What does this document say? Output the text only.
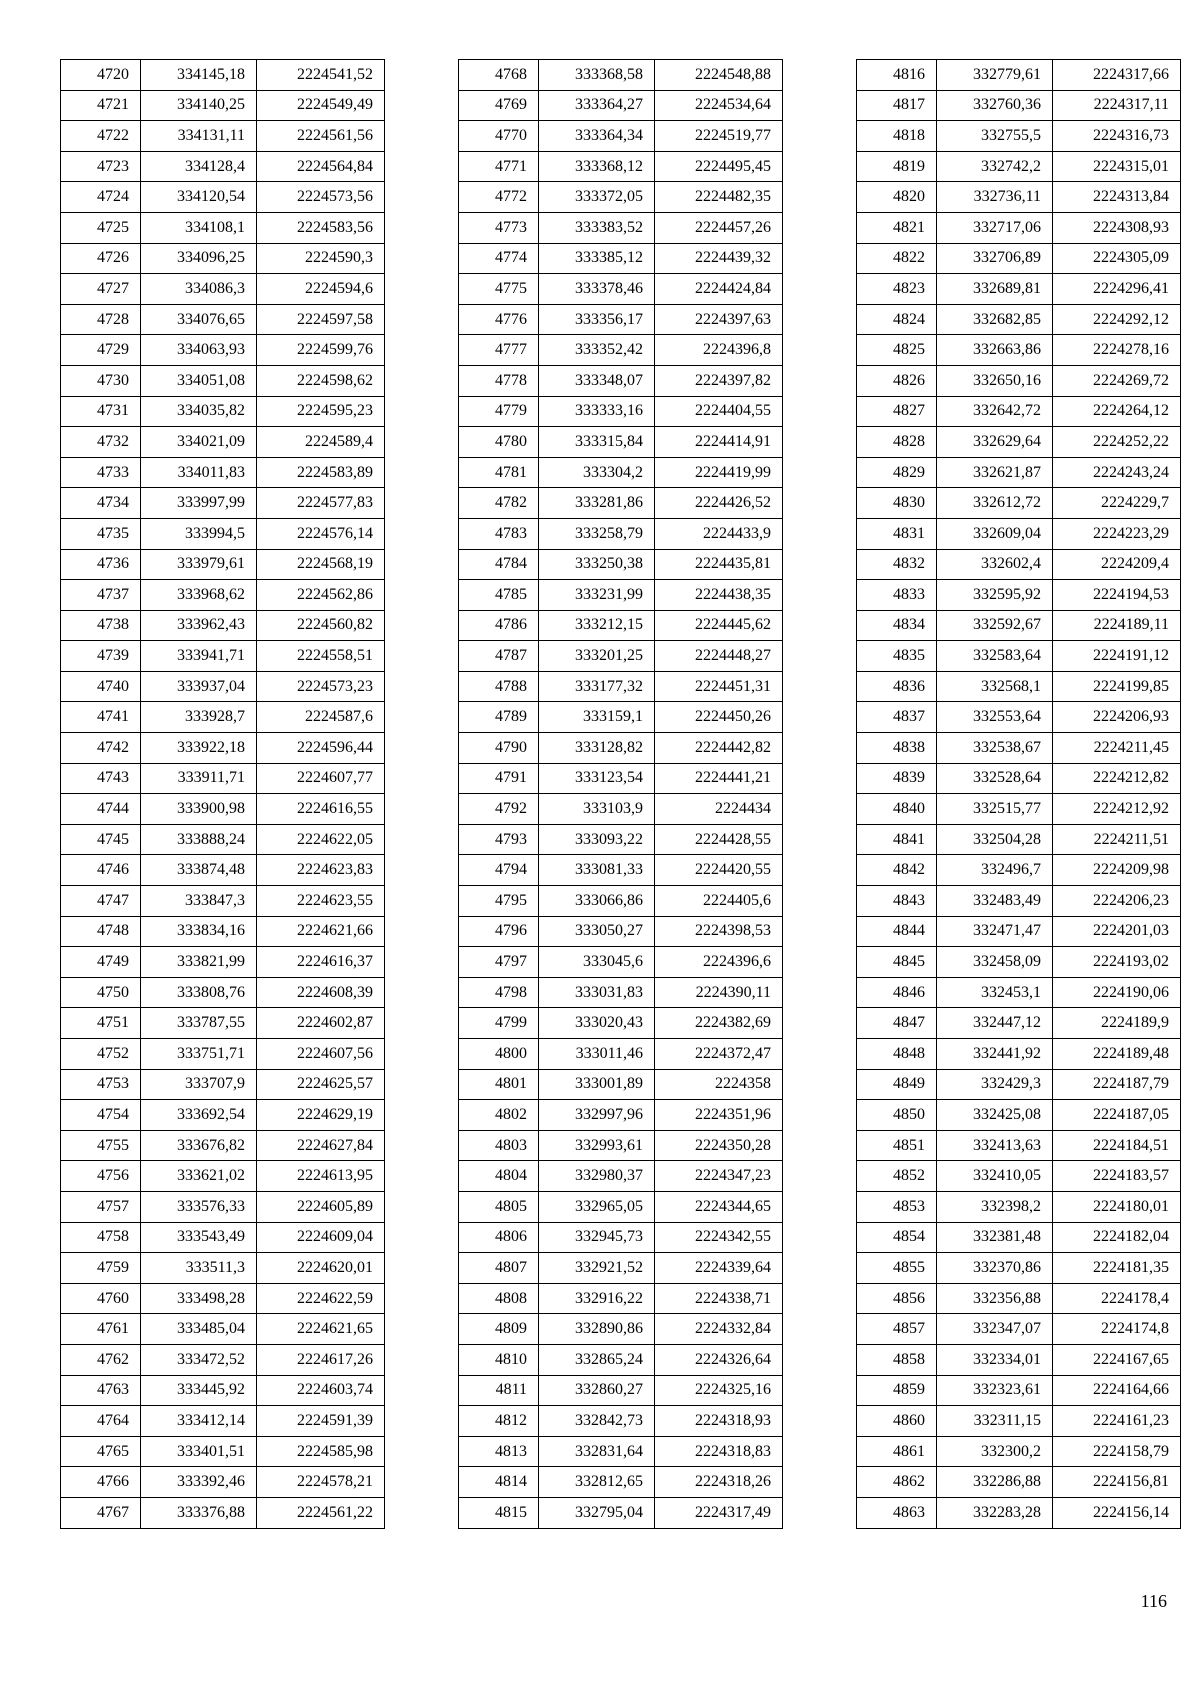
4720	334145,18	2224541,52
4721	334140,25	2224549,49
4722	334131,11	2224561,56
4723	334128,4	2224564,84
4724	334120,54	2224573,56
4725	334108,1	2224583,56
4726	334096,25	2224590,3
4727	334086,3	2224594,6
4728	334076,65	2224597,58
4729	334063,93	2224599,76
4730	334051,08	2224598,62
4731	334035,82	2224595,23
4732	334021,09	2224589,4
4733	334011,83	2224583,89
4734	333997,99	2224577,83
4735	333994,5	2224576,14
4736	333979,61	2224568,19
4737	333968,62	2224562,86
4738	333962,43	2224560,82
4739	333941,71	2224558,51
4740	333937,04	2224573,23
4741	333928,7	2224587,6
4742	333922,18	2224596,44
4743	333911,71	2224607,77
4744	333900,98	2224616,55
4745	333888,24	2224622,05
4746	333874,48	2224623,83
4747	333847,3	2224623,55
4748	333834,16	2224621,66
4749	333821,99	2224616,37
4750	333808,76	2224608,39
4751	333787,55	2224602,87
4752	333751,71	2224607,56
4753	333707,9	2224625,57
4754	333692,54	2224629,19
4755	333676,82	2224627,84
4756	333621,02	2224613,95
4757	333576,33	2224605,89
4758	333543,49	2224609,04
4759	333511,3	2224620,01
4760	333498,28	2224622,59
4761	333485,04	2224621,65
4762	333472,52	2224617,26
4763	333445,92	2224603,74
4764	333412,14	2224591,39
4765	333401,51	2224585,98
4766	333392,46	2224578,21
4767	333376,88	2224561,22
4768	333368,58	2224548,88
4769	333364,27	2224534,64
4770	333364,34	2224519,77
4771	333368,12	2224495,45
4772	333372,05	2224482,35
4773	333383,52	2224457,26
4774	333385,12	2224439,32
4775	333378,46	2224424,84
4776	333356,17	2224397,63
4777	333352,42	2224396,8
4778	333348,07	2224397,82
4779	333333,16	2224404,55
4780	333315,84	2224414,91
4781	333304,2	2224419,99
4782	333281,86	2224426,52
4783	333258,79	2224433,9
4784	333250,38	2224435,81
4785	333231,99	2224438,35
4786	333212,15	2224445,62
4787	333201,25	2224448,27
4788	333177,32	2224451,31
4789	333159,1	2224450,26
4790	333128,82	2224442,82
4791	333123,54	2224441,21
4792	333103,9	2224434
4793	333093,22	2224428,55
4794	333081,33	2224420,55
4795	333066,86	2224405,6
4796	333050,27	2224398,53
4797	333045,6	2224396,6
4798	333031,83	2224390,11
4799	333020,43	2224382,69
4800	333011,46	2224372,47
4801	333001,89	2224358
4802	332997,96	2224351,96
4803	332993,61	2224350,28
4804	332980,37	2224347,23
4805	332965,05	2224344,65
4806	332945,73	2224342,55
4807	332921,52	2224339,64
4808	332916,22	2224338,71
4809	332890,86	2224332,84
4810	332865,24	2224326,64
4811	332860,27	2224325,16
4812	332842,73	2224318,93
4813	332831,64	2224318,83
4814	332812,65	2224318,26
4815	332795,04	2224317,49
4816	332779,61	2224317,66
4817	332760,36	2224317,11
4818	332755,5	2224316,73
4819	332742,2	2224315,01
4820	332736,11	2224313,84
4821	332717,06	2224308,93
4822	332706,89	2224305,09
4823	332689,81	2224296,41
4824	332682,85	2224292,12
4825	332663,86	2224278,16
4826	332650,16	2224269,72
4827	332642,72	2224264,12
4828	332629,64	2224252,22
4829	332621,87	2224243,24
4830	332612,72	2224229,7
4831	332609,04	2224223,29
4832	332602,4	2224209,4
4833	332595,92	2224194,53
4834	332592,67	2224189,11
4835	332583,64	2224191,12
4836	332568,1	2224199,85
4837	332553,64	2224206,93
4838	332538,67	2224211,45
4839	332528,64	2224212,82
4840	332515,77	2224212,92
4841	332504,28	2224211,51
4842	332496,7	2224209,98
4843	332483,49	2224206,23
4844	332471,47	2224201,03
4845	332458,09	2224193,02
4846	332453,1	2224190,06
4847	332447,12	2224189,9
4848	332441,92	2224189,48
4849	332429,3	2224187,79
4850	332425,08	2224187,05
4851	332413,63	2224184,51
4852	332410,05	2224183,57
4853	332398,2	2224180,01
4854	332381,48	2224182,04
4855	332370,86	2224181,35
4856	332356,88	2224178,4
4857	332347,07	2224174,8
4858	332334,01	2224167,65
4859	332323,61	2224164,66
4860	332311,15	2224161,23
4861	332300,2	2224158,79
4862	332286,88	2224156,81
4863	332283,28	2224156,14
116
